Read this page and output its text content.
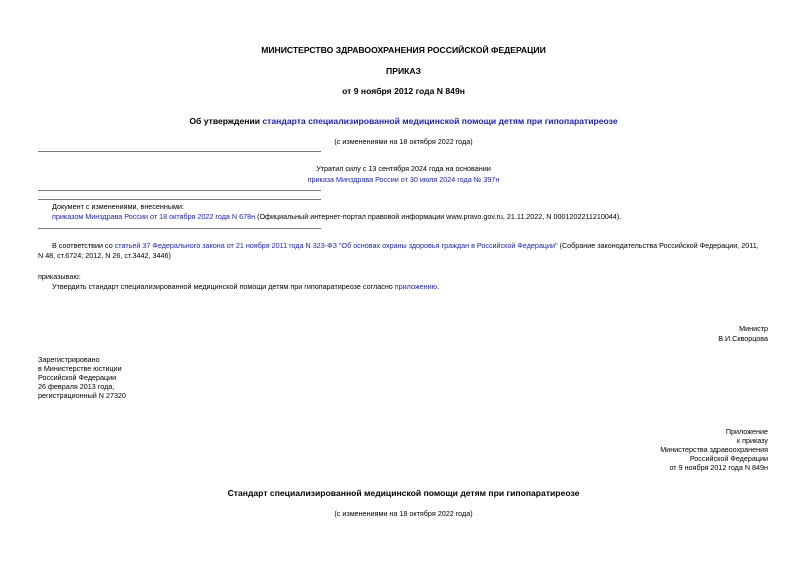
МИНИСТЕРСТВО ЗДРАВООХРАНЕНИЯ РОССИЙСКОЙ ФЕДЕРАЦИИ
ПРИКАЗ
от 9 ноября 2012 года N 849н
Об утверждении стандарта специализированной медицинской помощи детям при гипопаратиреозе
(с изменениями на 18 октября 2022 года)
Утратил силу с 13 сентября 2024 года на основании
приказа Минздрава России от 30 июля 2024 года № 397н
Документ с изменениями, внесенными:
приказом Минздрава России от 18 октября 2022 года N 678н (Официальный интернет-портал правовой информации www.pravo.gov.ru, 21.11.2022, N 0001202211210044).
В соответствии со статьей 37 Федерального закона от 21 ноября 2011 года N 323-ФЗ "Об основах охраны здоровья граждан в Российской Федерации" (Собрание законодательства Российской Федерации, 2011,
N 48, ст.6724; 2012, N 26, ст.3442, 3446)
приказываю:
Утвердить стандарт специализированной медицинской помощи детям при гипопаратиреозе согласно приложению.
Министр
В.И.Скворцова
Зарегистрировано
в Министерстве юстиции
Российской Федерации
26 февраля 2013 года,
регистрационный N 27320
Приложение
к приказу
Министерства здравоохранения
Российской Федерации
от 9 ноября 2012 года N 849н
Стандарт специализированной медицинской помощи детям при гипопаратиреозе
(с изменениями на 18 октября 2022 года)
